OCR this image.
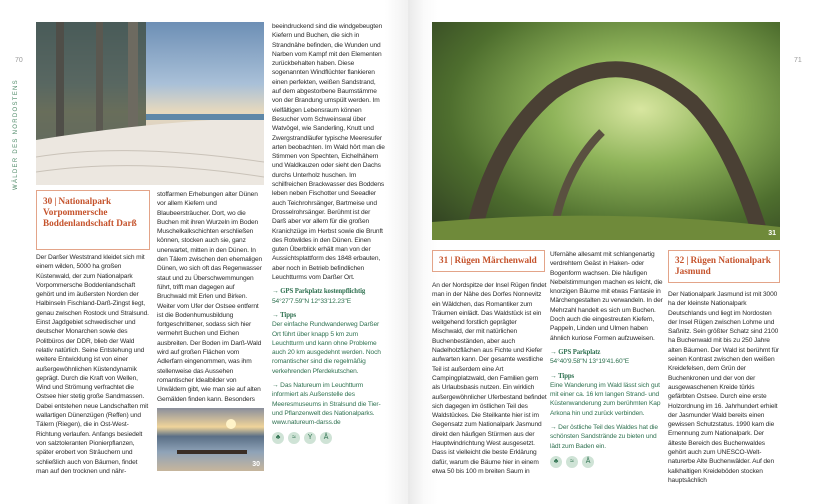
70
WÄLDER DES NORDOSTENS
30 | Nationalpark Vorpommersche Boddenlandschaft Darß

Der Darßer Weststrand kleidet sich mit einem wilden, 5000 ha großen Küstenwald, der zum Nationalpark Vorpommersche Boddenlandschaft gehört und im äußersten Norden der Halbinseln Fischland-Darß-Zingst liegt, genau zwischen Rostock und Stralsund. Einst Jagdgebiet schwedischer und deutscher Monarchen sowie des Politbüros der DDR, blieb der Wald relativ natürlich. Seine Entstehung und weitere Entwicklung ist von einer außergewöhnlichen Küstendynamik geprägt. Durch die Kraft von Wellen, Wind und Strömung verfrachtet die Ostsee hier stetig große Sandmassen. Dabei entstehen neue Landschaften mit wallartigen Dünenzügen (Reffen) und Tälern (Riegen), die in Ost-West-Richtung verlaufen. Anfangs besiedelt von salztoleranten Pionierpflanzen, später erobert von Sträuchern und schließlich auch von Bäumen, findet man auf den trocknen und nähr-

stoffarmen Erhebungen alter Dünen vor allem Kiefern und Blaubeersträucher. Dort, wo die Buchen mit ihren Wurzeln im Boden Muschelkalkschichten erschließen können, stocken auch sie, ganz unerwartet, mitten in den Dünen. In den Tälern zwischen den ehemaligen Dünen, wo sich oft das Regenwasser staut und zu Überschwemmungen führt, trifft man dagegen auf Bruchwald mit Erlen und Birken. Weiter vom Ufer der Ostsee entfernt ist die Bodenhumusbildung fortgeschrittener, sodass sich hier vermehrt Buchen und Eichen ausbreiten. Der Boden im Darß-Wald wird auf großen Flächen vom Adlerfarn eingenommen, was ihm stellenweise das Aussehen romantischer Idealbilder von Urwäldern gibt, wie man sie auf alten Gemälden finden kann. Besonders

30

beeindruckend sind die windgebeugten Kiefern und Buchen, die sich in Strandnähe befinden, die Wunden und Narben vom Kampf mit den Elementen zurückbehalten haben. Diese sogenannten Windflüchter flankieren einen perfekten, weißen Sandstrand, auf dem abgestorbene Baumstämme von der Brandung umspült werden. Im vielfältigen Lebensraum können Besucher vom Schweinswal über Watvögel, wie Sanderling, Knutt und Zwergstrandläufer typische Meeresufer arten beobachten. Im Wald hört man die Stimmen von Spechten, Eichelhähern und Waldkauzen oder sieht den Dachs durchs Unterholz huschen. Im schilfreichen Brackwasser des Boddens leben neben Fischotter und Seeadler auch Teichrohrsänger, Bartmeise und Drosselrohrsänger. Berühmt ist der Darß aber vor allem für die großen Kranichzüge im Herbst sowie die Brunft des Rotwildes in den Dünen. Einen guten Überblick erhält man von der Aussichtsplattform des 1848 erbauten, aber noch in Betrieb befindlichen Leuchtturms vom Darßer Ort.

→ GPS Parkplatz kostenpflichtig
54°27'7.59"N 12°33'12.23"E
→ Tipps

Der einfache Rundwanderweg Darßer Ort führt über knapp 5 km zum Leuchtturm und kann ohne Probleme auch 20 km ausgedehnt werden. Noch romantischer sind die regelmäßig verkehrenden Pferdekutschen.

→ Das Natureum im Leuchtturm informiert als Außenstelle des Meeresmuseums in Stralsund die Tier- und Pflanzenwelt des Nationalparks. www.natureum-darss.de

♣	≈	Y	Å
71
31
31 | Rügen Märchenwald

An der Nordspitze der Insel Rügen findet man in der Nähe des Dorfes Nonnevitz ein Wäldchen, das Romantiker zum Träumen einlädt. Das Waldstück ist ein weitgehend forstlich geprägter Mischwald, der mit natürlichen Buchenbeständen, aber auch Nadelholzflächen aus Fichte und Kiefer aufwarten kann. Der gesamte westliche Teil ist außerdem eine Art Campingplatzwald, den Familien gern als Urlaubsbasis nutzen. Ein wirklich außergewöhnlicher Uferbestand befindet sich dagegen im östlichen Teil des Waldstückes. Die Steilkante hier ist im Gegensatz zum Nationalpark Jasmund direkt den häufigen Stürmen aus der Hauptwindrichtung West ausgesetzt. Dass ist vielleicht die beste Erklärung dafür, warum die Bäume hier in einem etwa 50 bis 100 m breiten Saum in

Ufernähe allesamt mit schlangenartig verdrehtem Geäst in Haken- oder Bogenform wachsen. Die häufigen Nebelstimmungen machen es leicht, die knorzigen Bäume mit etwas Fantasie in Märchengestalten zu verwandeln. In der Mehrzahl handelt es sich um Buchen. Doch auch die eingestreuten Kiefern, Pappeln, Linden und Ulmen haben ähnlich kuriose Formen aufzuweisen.

→ GPS Parkplatz
54°40'9.58"N 13°19'41.60"E
→ Tipps

Eine Wanderung im Wald lässt sich gut mit einer ca. 16 km langen Strand- und Küstenwanderung zum berühmten Kap Arkona hin und zurück verbinden.

→ Der östliche Teil des Waldes hat die schönsten Sandstrände zu bieten und lädt zum Baden ein.

♣	≈	Å
32 | Rügen Nationalpark Jasmund

Der Nationalpark Jasmund ist mit 3000 ha der kleinste Nationalpark Deutschlands und liegt im Nordosten der Insel Rügen zwischen Lohme und Saßnitz. Sein größter Schatz sind 2100 ha Buchenwald mit bis zu 250 Jahre alten Bäumen. Der Wald ist berühmt für seinen Kontrast zwischen den weißen Kreidefelsen, dem Grün der Buchenkronen und der von der ausgewaschenen Kreide türkis gefärbten Ostsee. Durch eine erste Holzordnung im 16. Jahrhundert erhielt der Jasmunder Wald bereits einen gewissen Schutzstatus. 1990 kam die Ernennung zum Nationalpark. Der älteste Bereich des Buchenwaldes gehört auch zum UNESCO-Weltnaturerbe Alte Buchenwälder. Auf den kalkhaltigen Kreideböden stocken hauptsächlich
